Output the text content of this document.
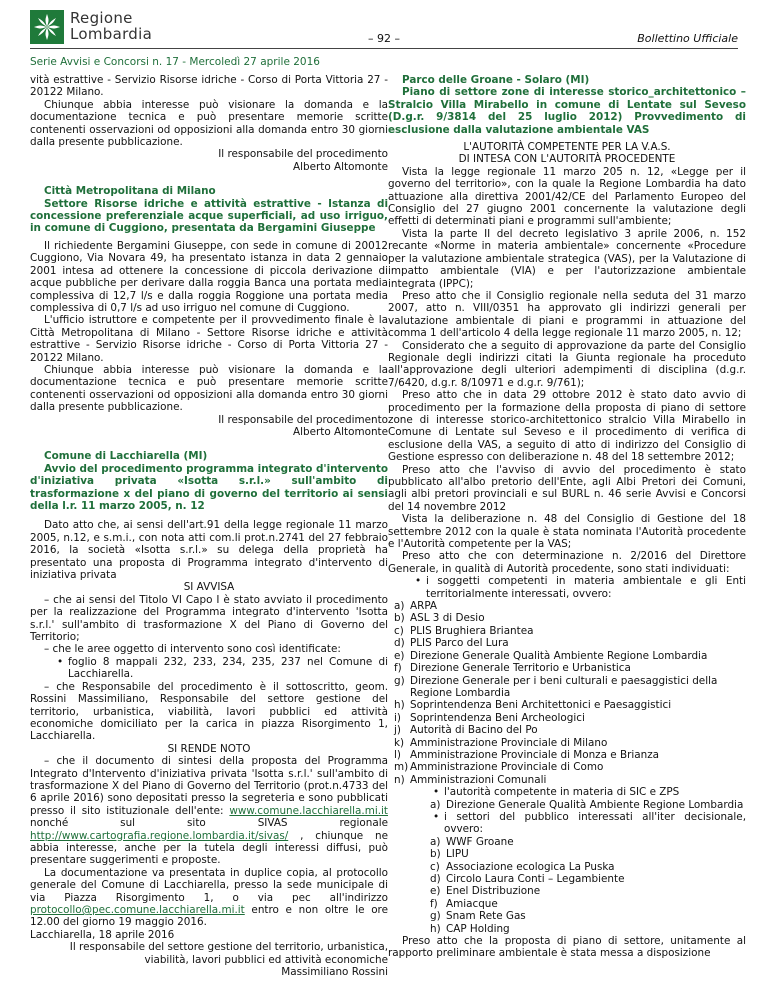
Regione
Lombardia	– 92 –	Bollettino Ufficiale
Serie Avvisi e Concorsi n. 17 - Mercoledì 27 aprile 2016

vità estrattive - Servizio Risorse idriche - Corso di Porta Vittoria 27 - 20122 Milano.

Chiunque abbia interesse può visionare la domanda e la documentazione tecnica e può presentare memorie scritte contenenti osservazioni od opposizioni alla domanda entro 30 giorni dalla presente pubblicazione.

Il responsabile del procedimento

Alberto Altomonte

Città Metropolitana di Milano

Settore Risorse idriche e attività estrattive - Istanza di concessione preferenziale acque superficiali, ad uso irriguo, in comune di Cuggiono, presentata da Bergamini Giuseppe

Il richiedente Bergamini Giuseppe, con sede in comune di 20012 Cuggiono, Via Novara 49, ha presentato istanza in data 2 gennaio 2001 intesa ad ottenere la concessione di piccola derivazione di acque pubbliche per derivare dalla roggia Banca una portata media complessiva di 12,7 l/s e dalla roggia Roggione una portata media complessiva di 0,7 l/s ad uso irriguo nel comune di Cuggiono.

L'ufficio istruttore e competente per il provvedimento finale è la Città Metropolitana di Milano - Settore Risorse idriche e attività estrattive - Servizio Risorse idriche - Corso di Porta Vittoria 27 - 20122 Milano.

Chiunque abbia interesse può visionare la domanda e la documentazione tecnica e può presentare memorie scritte contenenti osservazioni od opposizioni alla domanda entro 30 giorni dalla presente pubblicazione.

Il responsabile del procedimento

Alberto Altomonte

Comune di Lacchiarella (MI)

Avvio del procedimento programma integrato d'intervento d'iniziativa privata «Isotta s.r.l.» sull'ambito di trasformazione x del piano di governo del territorio ai sensi della l.r. 11 marzo 2005, n. 12

Dato atto che, ai sensi dell'art.91 della legge regionale 11 marzo 2005, n.12, e s.m.i., con nota atti com.li prot.n.2741 del 27 febbraio 2016, la società «Isotta s.r.l.» su delega della proprietà ha presentato una proposta di Programma integrato d'intervento di iniziativa privata

SI AVVISA

– che ai sensi del Titolo VI Capo I è stato avviato il procedimento per la realizzazione del Programma integrato d'intervento 'Isotta s.r.l.' sull'ambito di trasformazione X del Piano di Governo del Territorio;

– che le aree oggetto di intervento sono così identificate:

• foglio 8 mappali 232, 233, 234, 235, 237 nel Comune di Lacchiarella.

– che Responsabile del procedimento è il sottoscritto, geom. Rossini Massimiliano, Responsabile del settore gestione del territorio, urbanistica, viabilità, lavori pubblici ed attività economiche domiciliato per la carica in piazza Risorgimento 1, Lacchiarella.

SI RENDE NOTO

– che il documento di sintesi della proposta del Programma Integrato d'Intervento d'iniziativa privata 'Isotta s.r.l.' sull'ambito di trasformazione X del Piano di Governo del Territorio (prot.n.4733 del 6 aprile 2016) sono depositati presso la segreteria e sono pubblicati presso il sito istituzionale dell'ente: www.comune.lacchiarella.mi.it nonché sul sito SIVAS regionale http://www.cartografia.regione.lombardia.it/sivas/ , chiunque ne abbia interesse, anche per la tutela degli interessi diffusi, può presentare suggerimenti e proposte.

La documentazione va presentata in duplice copia, al protocollo generale del Comune di Lacchiarella, presso la sede municipale di via Piazza Risorgimento 1, o via pec all'indirizzo protocollo@pec.comune.lacchiarella.mi.it entro e non oltre le ore 12.00 del giorno 19 maggio 2016.

Lacchiarella, 18 aprile 2016

Il responsabile del settore gestione del territorio, urbanistica,

viabilità, lavori pubblici ed attività economiche

Massimiliano Rossini

Parco delle Groane - Solaro (MI)

Piano di settore zone di interesse storico_architettonico – Stralcio Villa Mirabello in comune di Lentate sul Seveso (D.g.r. 9/3814 del 25 luglio 2012) Provvedimento di esclusione dalla valutazione ambientale VAS

L'AUTORITÀ COMPETENTE PER LA V.A.S.

DI INTESA CON L'AUTORITÀ PROCEDENTE

Vista la legge regionale 11 marzo 205 n. 12, «Legge per il governo del territorio», con la quale la Regione Lombardia ha dato attuazione alla direttiva 2001/42/CE del Parlamento Europeo del Consiglio del 27 giugno 2001 concernente la valutazione degli effetti di determinati piani e programmi sull'ambiente;

Vista la parte II del decreto legislativo 3 aprile 2006, n. 152 recante «Norme in materia ambientale» concernente «Procedure per la valutazione ambientale strategica (VAS), per la Valutazione di impatto ambientale (VIA) e per l'autorizzazione ambientale integrata (IPPC);

Preso atto che il Consiglio regionale nella seduta del 31 marzo 2007, atto n. VIII/0351 ha approvato gli indirizzi generali per valutazione ambientale di piani e programmi in attuazione del comma 1 dell'articolo 4 della legge regionale 11 marzo 2005, n. 12;

Considerato che a seguito di approvazione da parte del Consiglio Regionale degli indirizzi citati la Giunta regionale ha proceduto all'approvazione degli ulteriori adempimenti di disciplina (d.g.r. 7/6420, d.g.r. 8/10971 e d.g.r. 9/761);

Preso atto che in data 29 ottobre 2012 è stato dato avvio di procedimento per la formazione della proposta di piano di settore zone di interesse storico-architettonico stralcio Villa Mirabello in Comune di Lentate sul Seveso e il procedimento di verifica di esclusione della VAS, a seguito di atto di indirizzo del Consiglio di Gestione espresso con deliberazione n. 48 del 18 settembre 2012;

Preso atto che l'avviso di avvio del procedimento è stato pubblicato all'albo pretorio dell'Ente, agli Albi Pretori dei Comuni, agli albi pretori provinciali e sul BURL n. 46 serie Avvisi e Concorsi del 14 novembre 2012

Vista la deliberazione n. 48 del Consiglio di Gestione del 18 settembre 2012 con la quale è stata nominata l'Autorità procedente e l'Autorità competente per la VAS;

Preso atto che con determinazione n. 2/2016 del Direttore Generale, in qualità di Autorità procedente, sono stati individuati:

• i soggetti competenti in materia ambientale e gli Enti territorialmente interessati, ovvero:
a) ARPA
b) ASL 3 di Desio
c) PLIS Brughiera Briantea
d) PLIS Parco del Lura
e) Direzione Generale Qualità Ambiente Regione Lombardia
f) Direzione Generale Territorio e Urbanistica
g) Direzione Generale per i beni culturali e paesaggistici della Regione Lombardia
h) Soprintendenza Beni Architettonici e Paesaggistici
i) Soprintendenza Beni Archeologici
j) Autorità di Bacino del Po
k) Amministrazione Provinciale di Milano
l) Amministrazione Provinciale di Monza e Brianza
m) Amministrazione Provinciale di Como
n) Amministrazioni Comunali
• l'autorità competente in materia di SIC e ZPS
a) Direzione Generale Qualità Ambiente Regione Lombardia
• i settori del pubblico interessati all'iter decisionale, ovvero:
a) WWF Groane
b) LIPU
c) Associazione ecologica La Puska
d) Circolo Laura Conti – Legambiente
e) Enel Distribuzione
f) Amiacque
g) Snam Rete Gas
h) CAP Holding

Preso atto che la proposta di piano di settore, unitamente al rapporto preliminare ambientale è stata messa a disposizione
